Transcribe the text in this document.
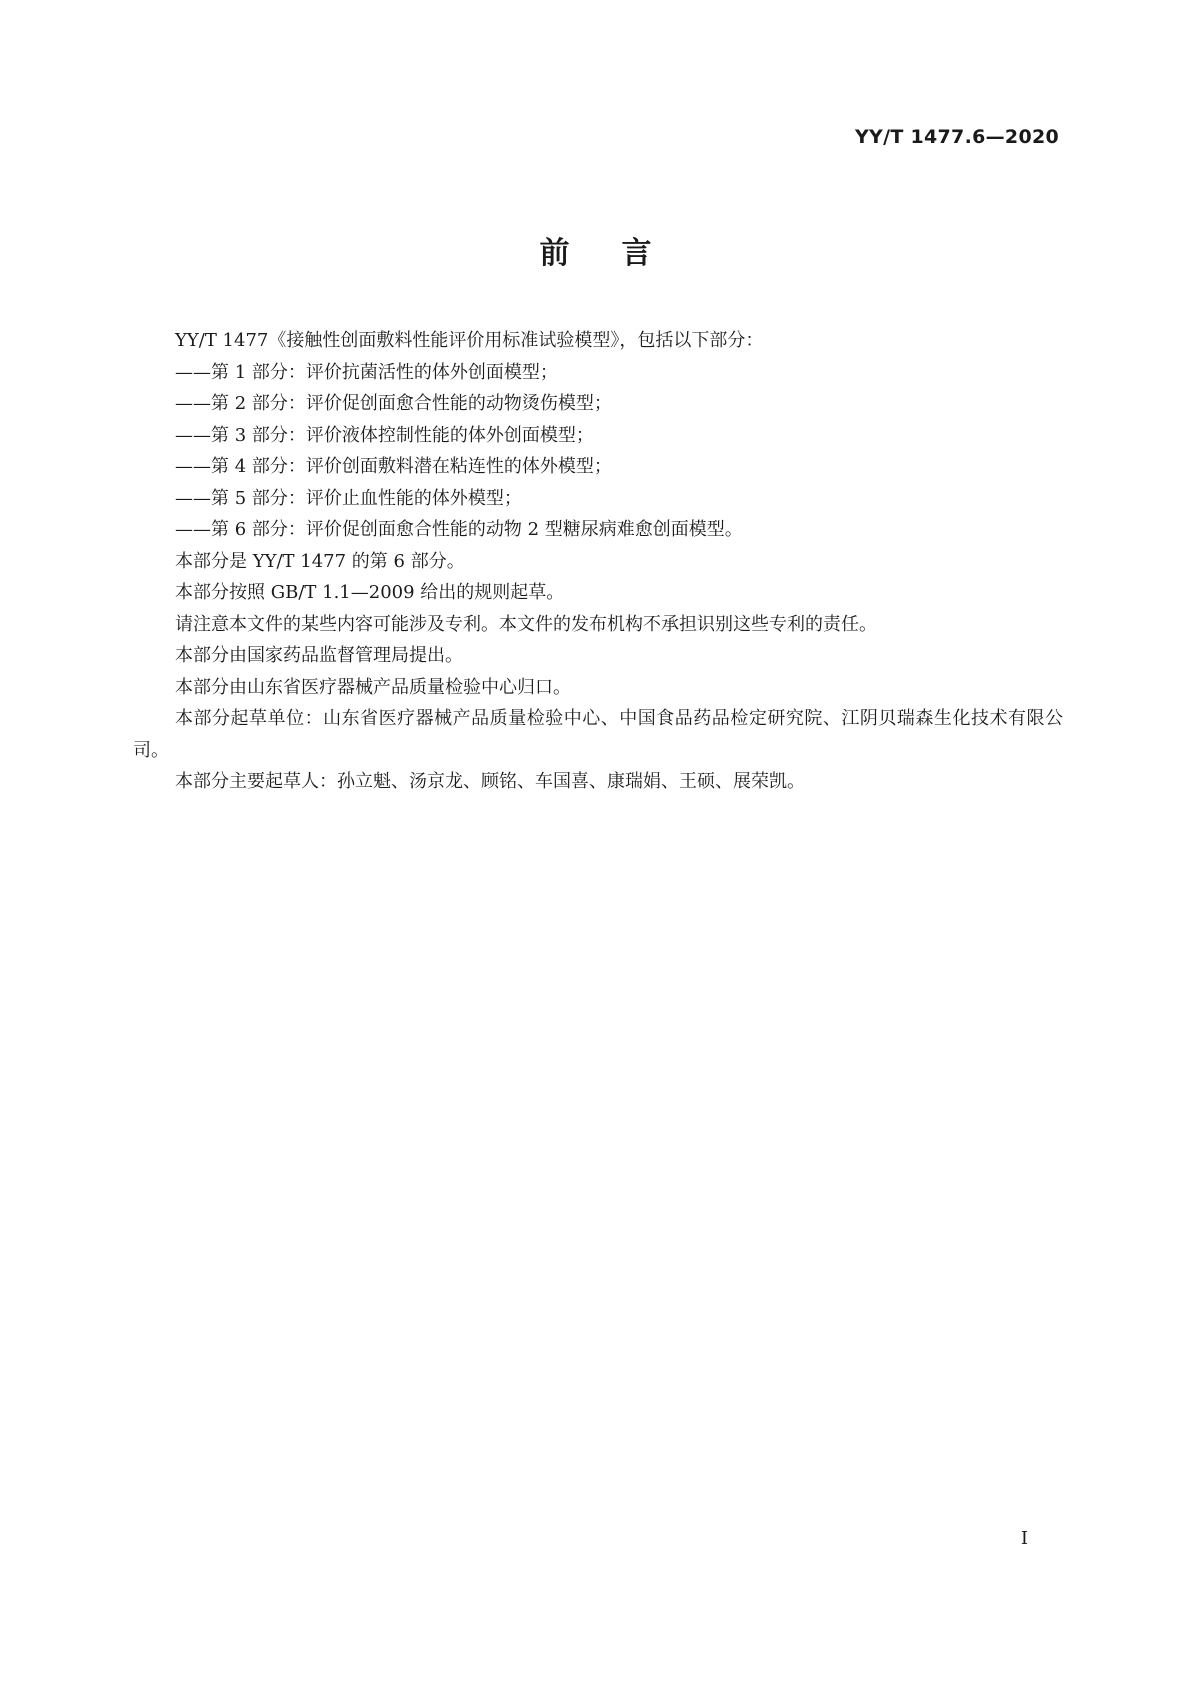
YY/T 1477.6—2020
前言

YY/T 1477《接触性创面敷料性能评价用标准试验模型》，包括以下部分：

——第 1 部分：评价抗菌活性的体外创面模型；

——第 2 部分：评价促创面愈合性能的动物烫伤模型；

——第 3 部分：评价液体控制性能的体外创面模型；

——第 4 部分：评价创面敷料潜在粘连性的体外模型；

——第 5 部分：评价止血性能的体外模型；

——第 6 部分：评价促创面愈合性能的动物 2 型糖尿病难愈创面模型。

本部分是 YY/T 1477 的第 6 部分。

本部分按照 GB/T 1.1—2009 给出的规则起草。

请注意本文件的某些内容可能涉及专利。本文件的发布机构不承担识别这些专利的责任。

本部分由国家药品监督管理局提出。

本部分由山东省医疗器械产品质量检验中心归口。

本部分起草单位：山东省医疗器械产品质量检验中心、中国食品药品检定研究院、江阴贝瑞森生化技术有限公司。

本部分主要起草人：孙立魁、汤京龙、顾铭、车国喜、康瑞娟、王硕、展荣凯。

I
